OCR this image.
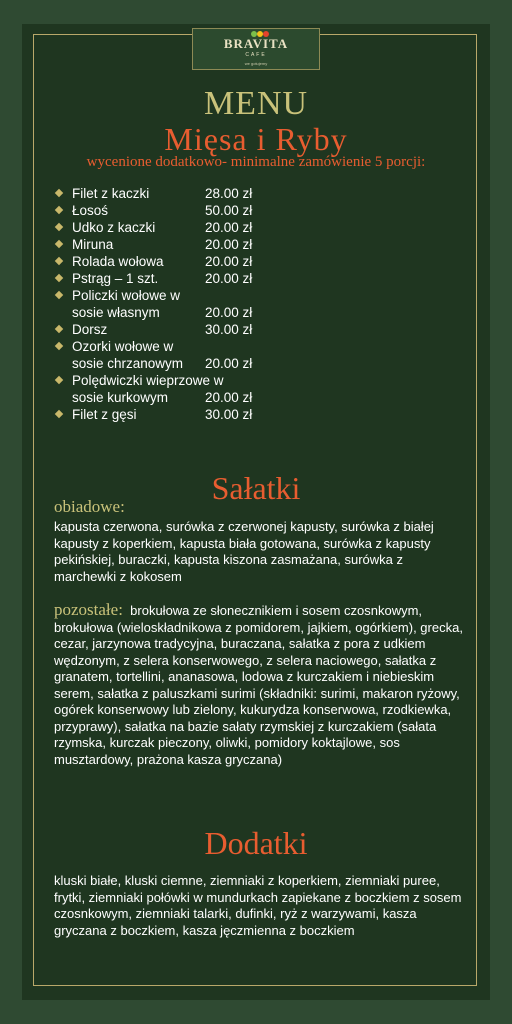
BRAVITA
CAFE
we gotujemy
MENU
Mięsa i Ryby
wycenione dodatkowo- minimalne zamówienie 5 porcji:
Filet z kaczki	28.00 zł
Łosoś	50.00 zł
Udko z kaczki	20.00 zł
Miruna	20.00 zł
Rolada wołowa	20.00 zł
Pstrąg – 1 szt.	20.00 zł
Policzki wołowe w sosie własnym	20.00 zł
Dorsz	30.00 zł
Ozorki wołowe w sosie chrzanowym	20.00 zł
Polędwiczki wieprzowe w sosie kurkowym	20.00 zł
Filet z gęsi	30.00 zł
Sałatki
obiadowe:
kapusta czerwona, surówka z czerwonej kapusty, surówka z białej kapusty z koperkiem, kapusta biała gotowana, surówka z kapusty pekińskiej, buraczki, kapusta kiszona zasmażana, surówka z marchewki z kokosem
pozostałe: brokułowa ze słonecznikiem i sosem czosnkowym, brokułowa (wieloskładnikowa z pomidorem, jajkiem, ogórkiem), grecka, cezar, jarzynowa tradycyjna, buraczana, sałatka z pora z udkiem wędzonym, z selera konserwowego, z selera naciowego, sałatka z granatem, tortellini, ananasowa, lodowa z kurczakiem i niebieskim serem, sałatka z paluszkami surimi (składniki: surimi, makaron ryżowy, ogórek konserwowy lub zielony, kukurydza konserwowa, rzodkiewka, przyprawy), sałatka na bazie sałaty rzymskiej z kurczakiem (sałata rzymska, kurczak pieczony, oliwki, pomidory koktajlowe, sos musztardowy, prażona kasza gryczana)
Dodatki
kluski białe, kluski ciemne, ziemniaki z koperkiem, ziemniaki puree, frytki, ziemniaki połówki w mundurkach zapiekane z boczkiem z sosem czosnkowym, ziemniaki talarki, dufinki, ryż z warzywami, kasza gryczana z boczkiem, kasza jęczmienna z boczkiem
